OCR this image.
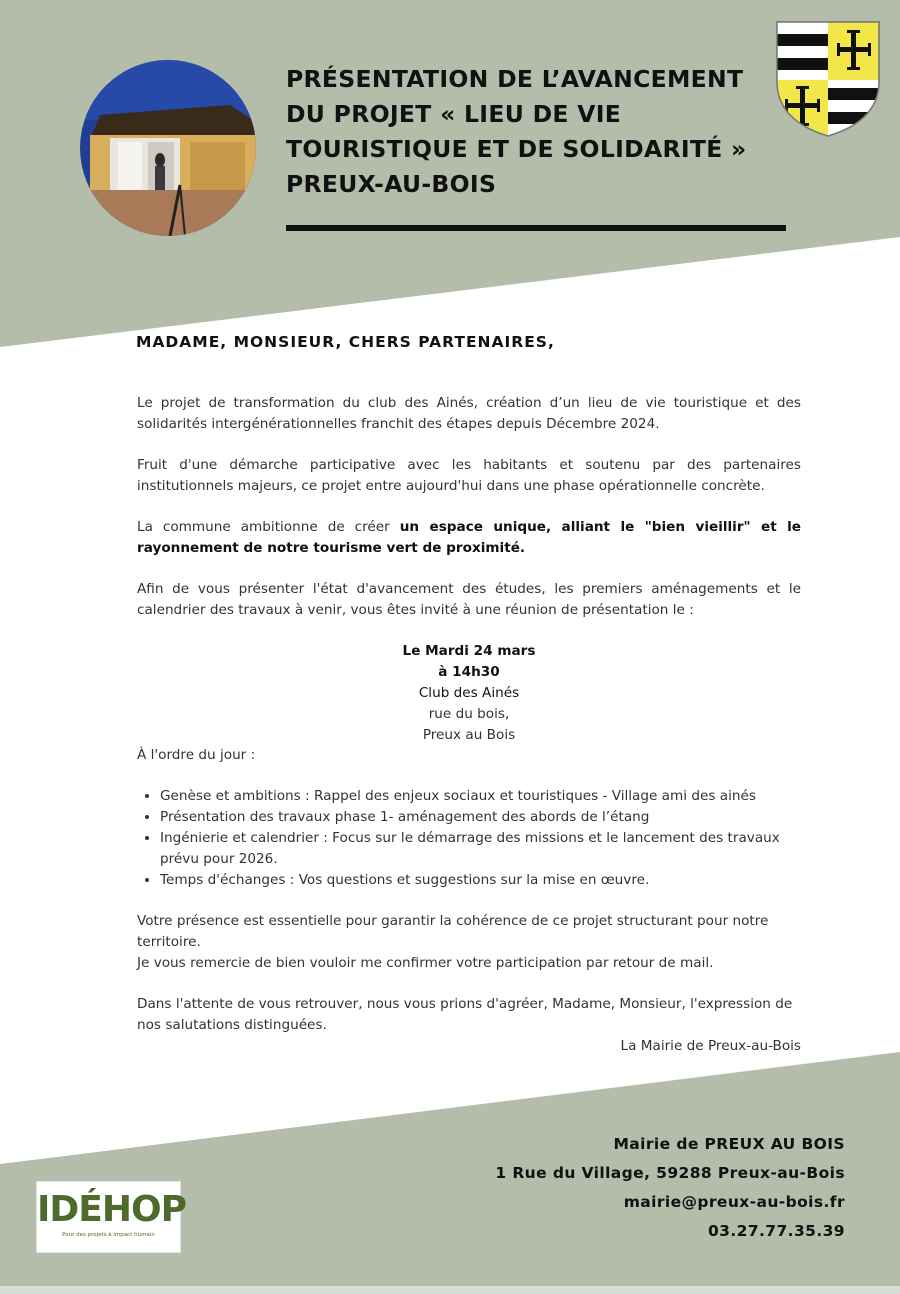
PRÉSENTATION DE L’AVANCEMENT
DU PROJET « LIEU DE VIE
TOURISTIQUE ET DE SOLIDARITÉ »
PREUX-AU-BOIS

MADAME, MONSIEUR, CHERS PARTENAIRES,

Le projet de transformation du club des Ainés, création d’un lieu de vie touristique et des solidarités intergénérationnelles franchit des étapes depuis Décembre 2024.

Fruit d'une démarche participative avec les habitants et soutenu par des partenaires institutionnels majeurs, ce projet entre aujourd'hui dans une phase opérationnelle concrète.

La commune ambitionne de créer un espace unique, alliant le "bien vieillir" et le rayonnement de notre tourisme vert de proximité.

Afin de vous présenter l'état d'avancement des études, les premiers aménagements et le calendrier des travaux à venir, vous êtes invité à une réunion de présentation le :

Le Mardi 24 mars

à 14h30

Club des Ainés

rue du bois,

Preux au Bois

À l'ordre du jour :

• Genèse et ambitions : Rappel des enjeux sociaux et touristiques - Village ami des ainés
• Présentation des travaux phase 1- aménagement des abords de l’étang
• Ingénierie et calendrier : Focus sur le démarrage des missions et le lancement des travaux prévu pour 2026.
• Temps d'échanges : Vos questions et suggestions sur la mise en œuvre.

Votre présence est essentielle pour garantir la cohérence de ce projet structurant pour notre territoire.

Je vous remercie de bien vouloir me confirmer votre participation par retour de mail.

Dans l'attente de vous retrouver, nous vous prions d'agréer, Madame, Monsieur, l'expression de nos salutations distinguées.

La Mairie de Preux-au-Bois

Mairie de PREUX AU BOIS
1 Rue du Village, 59288 Preux-au-Bois
mairie@preux-au-bois.fr
03.27.77.35.39
IDÉHOP
Pour des projets à impact humain
